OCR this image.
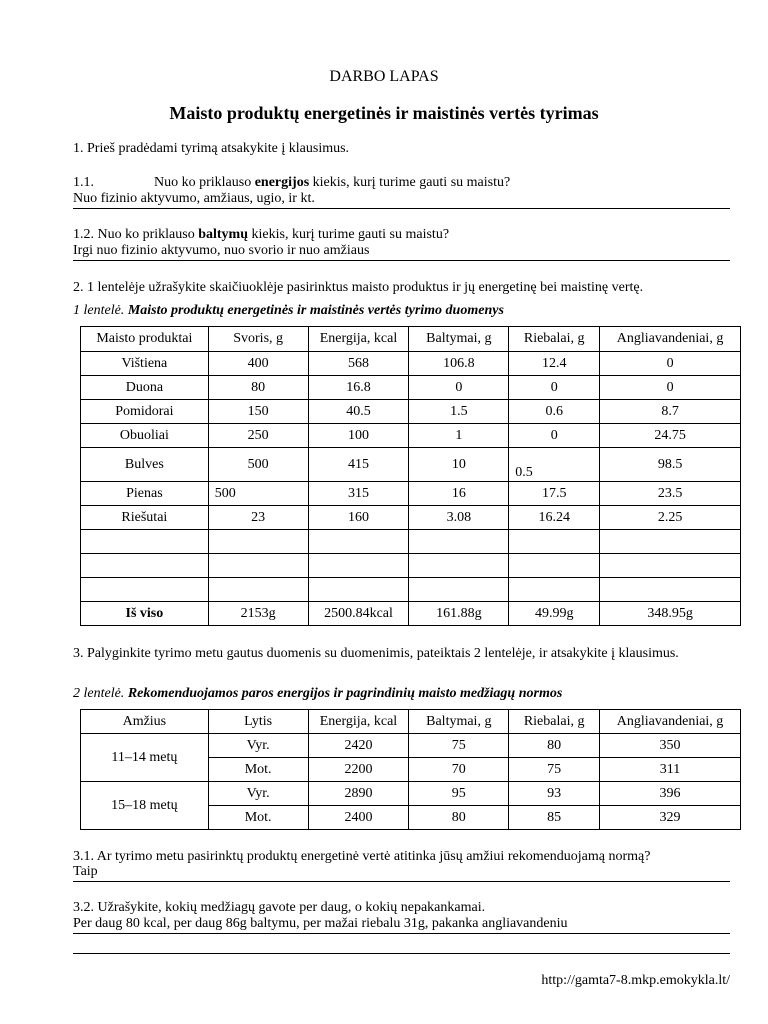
DARBO LAPAS
Maisto produktų energetinės ir maistinės vertės tyrimas
1. Prieš pradėdami tyrimą atsakykite į klausimus.
1.1.	Nuo ko priklauso energijos kiekis, kurį turime gauti su maistu?
Nuo fizinio aktyvumo, amžiaus, ugio, ir kt.
1.2. Nuo ko priklauso baltymų kiekis, kurį turime gauti su maistu?
Irgi nuo fizinio aktyvumo, nuo svorio ir nuo amžiaus
2. 1 lentelėje užrašykite skaičiuoklėje pasirinktus maisto produktus ir jų energetinę bei maistinę vertę.
1 lentelė. Maisto produktų energetinės ir maistinės vertės tyrimo duomenys
Maisto produktai	Svoris, g	Energija, kcal	Baltymai, g	Riebalai, g	Angliavandeniai, g
Vištiena	400	568	106.8	12.4	0
Duona	80	16.8	0	0	0
Pomidorai	150	40.5	1.5	0.6	8.7
Obuoliai	250	100	1	0	24.75
Bulves	500	415	10	0.5	98.5
Pienas	500	315	16	17.5	23.5
Riešutai	23	160	3.08	16.24	2.25

Iš viso	2153g	2500.84kcal	161.88g	49.99g	348.95g
3. Palyginkite tyrimo metu gautus duomenis su duomenimis, pateiktais 2 lentelėje, ir atsakykite į klausimus.
2 lentelė. Rekomenduojamos paros energijos ir pagrindinių maisto medžiagų normos
Amžius	Lytis	Energija, kcal	Baltymai, g	Riebalai, g	Angliavandeniai, g
11–14 metų	Vyr.	2420	75	80	350
	Mot.	2200	70	75	311
15–18 metų	Vyr.	2890	95	93	396
	Mot.	2400	80	85	329
3.1. Ar tyrimo metu pasirinktų produktų energetinė vertė atitinka jūsų amžiui rekomenduojamą normą?
Taip
3.2. Užrašykite, kokių medžiagų gavote per daug, o kokių nepakankamai.
Per daug 80 kcal, per daug 86g baltymu, per mažai riebalu 31g, pakanka angliavandeniu
http://gamta7-8.mkp.emokykla.lt/
